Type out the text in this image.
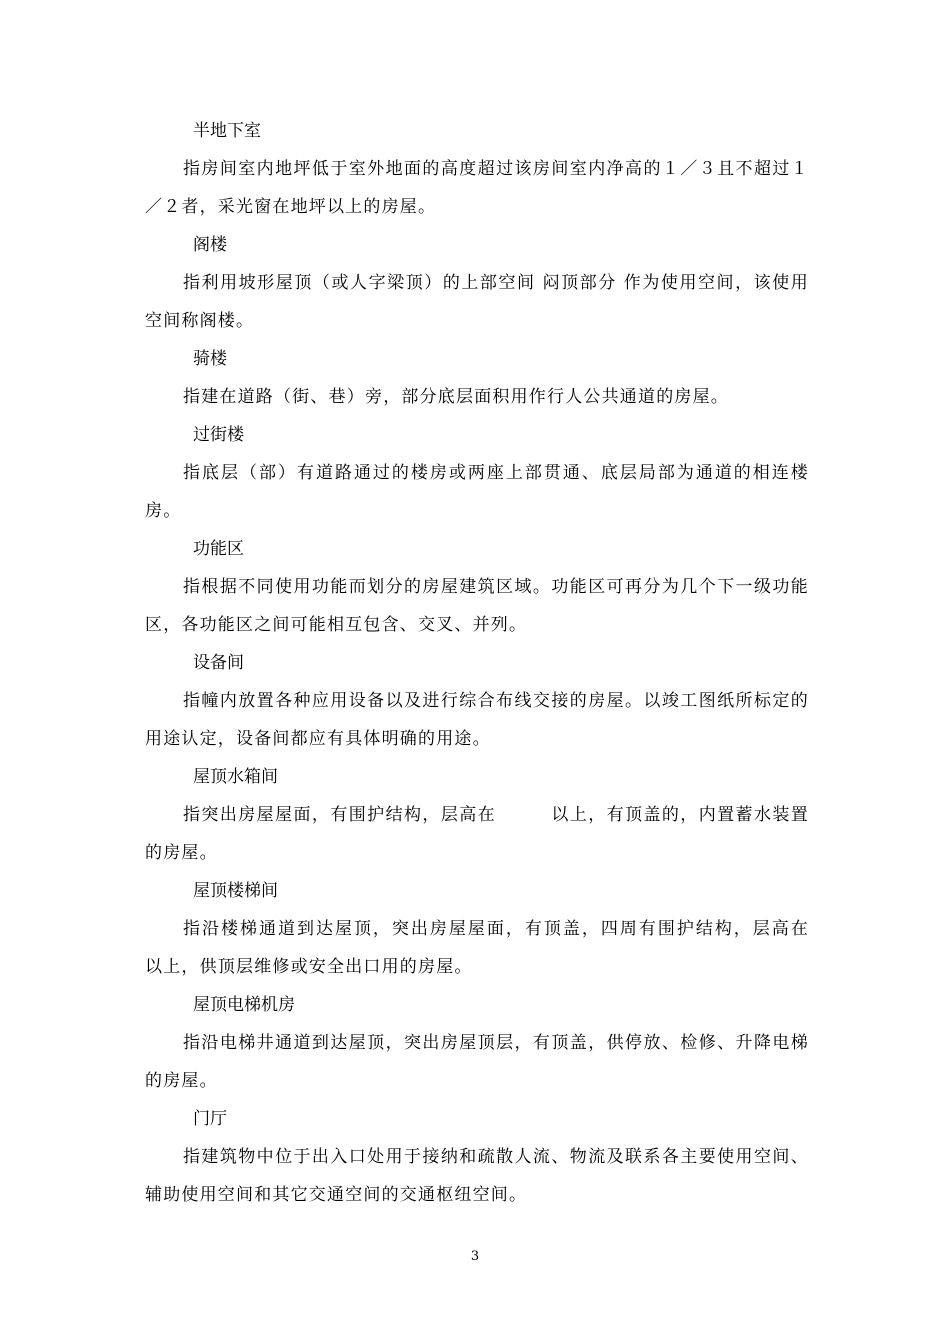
半地下室

指房间室内地坪低于室外地面的高度超过该房间室内净高的１／３且不超过１／２者，采光窗在地坪以上的房屋。

阁楼

指利用坡形屋顶（或人字梁顶）的上部空间 闷顶部分 作为使用空间，该使用空间称阁楼。

骑楼

指建在道路（街、巷）旁，部分底层面积用作行人公共通道的房屋。

过街楼

指底层（部）有道路通过的楼房或两座上部贯通、底层局部为通道的相连楼房。

功能区

指根据不同使用功能而划分的房屋建筑区域。功能区可再分为几个下一级功能区，各功能区之间可能相互包含、交叉、并列。

设备间

指幢内放置各种应用设备以及进行综合布线交接的房屋。以竣工图纸所标定的用途认定，设备间都应有具体明确的用途。

屋顶水箱间

指突出房屋屋面，有围护结构，层高在　　　以上，有顶盖的，内置蓄水装置的房屋。

屋顶楼梯间

指沿楼梯通道到达屋顶，突出房屋屋面，有顶盖，四周有围护结构，层高在　以上，供顶层维修或安全出口用的房屋。

屋顶电梯机房

指沿电梯井通道到达屋顶，突出房屋顶层，有顶盖，供停放、检修、升降电梯的房屋。

门厅

指建筑物中位于出入口处用于接纳和疏散人流、物流及联系各主要使用空间、辅助使用空间和其它交通空间的交通枢纽空间。

3
